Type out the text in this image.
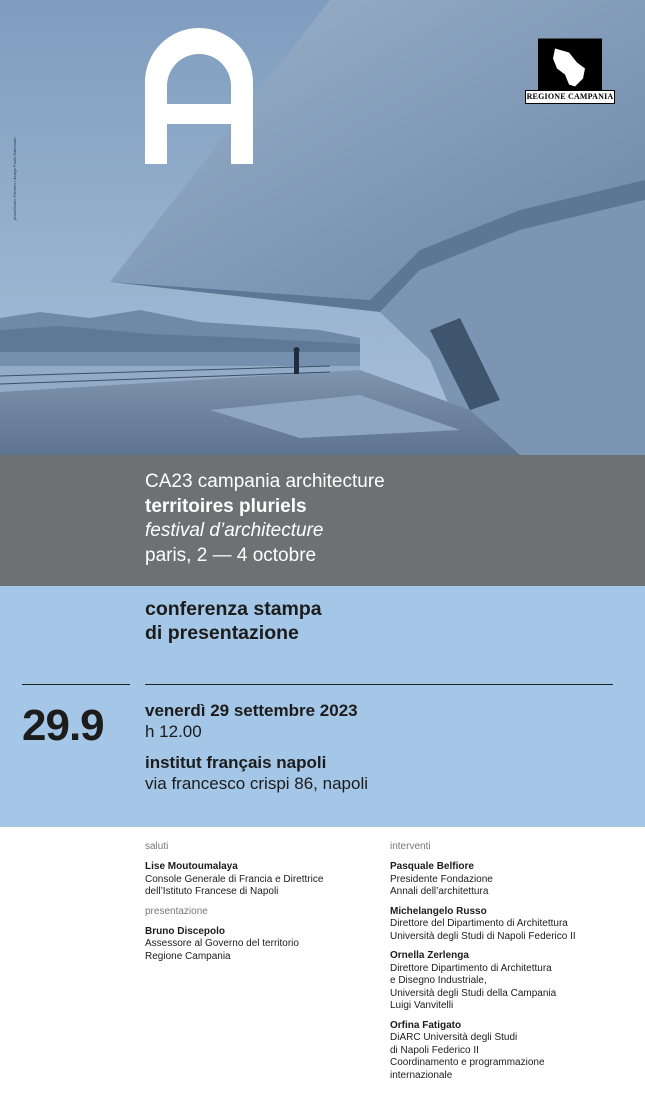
photoShobo Ferreira / design Paolo Raimondo
REGIONE CAMPANIA
CA23 campania architecture
territoires pluriels
festival d’architecture
paris, 2 — 4 octobre
conferenza stampa
di presentazione
29.9 venerdì 29 settembre 2023
h 12.00
institut français napoli
via francesco crispi 86, napoli
saluti
Lise Moutoumalaya
Console Generale di Francia e Direttrice
dell’Istituto Francese di Napoli
presentazione
Bruno Discepolo
Assessore al Governo del territorio
Regione Campania
interventi
Pasquale Belfiore
Presidente Fondazione
Annali dell’architettura
Michelangelo Russo
Direttore del Dipartimento di Architettura
Università degli Studi di Napoli Federico II
Ornella Zerlenga
Direttore Dipartimento di Architettura
e Disegno Industriale,
Università degli Studi della Campania
Luigi Vanvitelli
Orfina Fatigato
DiARC Università degli Studi
di Napoli Federico II
Coordinamento e programmazione
internazionale
